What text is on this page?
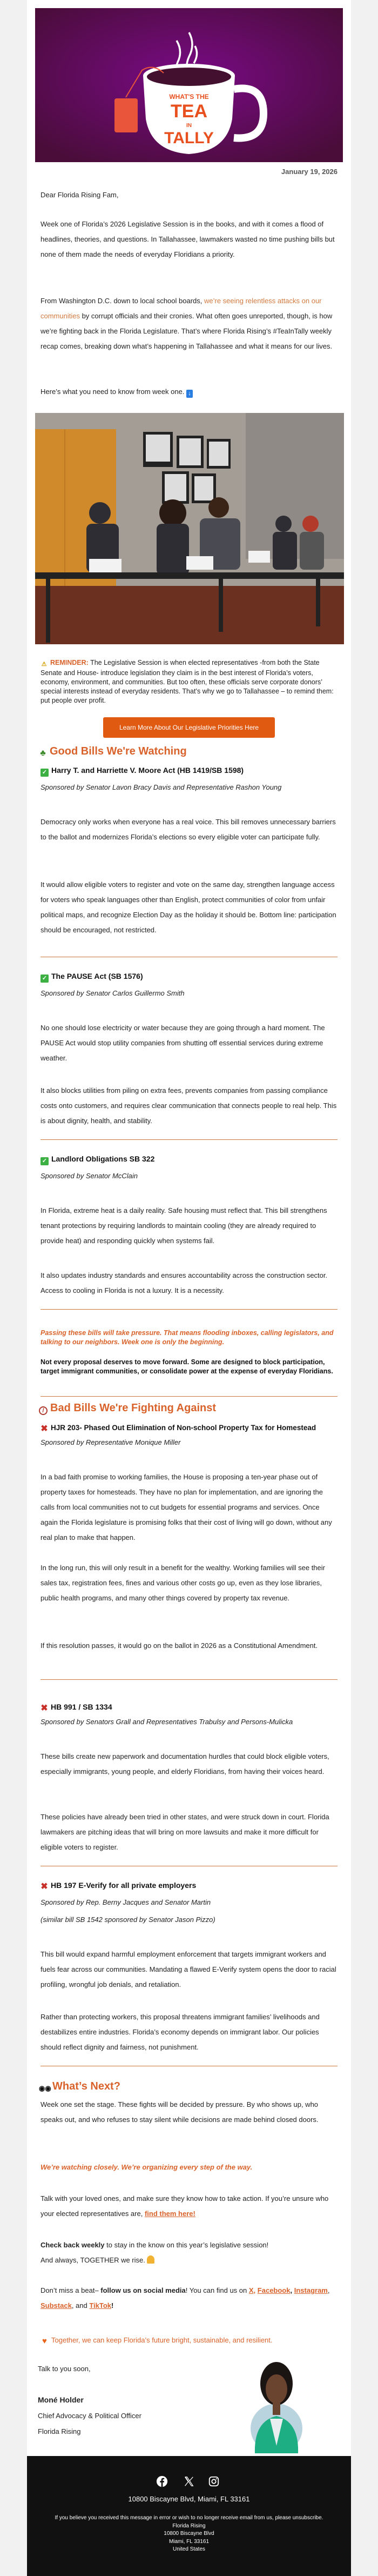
WHAT'S THE
TEA
IN
TALLY
January 19, 2026
Dear Florida Rising Fam,
Week one of Florida’s 2026 Legislative Session is in the books, and with it comes a flood of headlines, theories, and questions. In Tallahassee, lawmakers wasted no time pushing bills but none of them made the needs of everyday Floridians a priority.
From Washington D.C. down to local school boards, we’re seeing relentless attacks on our communities by corrupt officials and their cronies. What often goes unreported, though, is how we’re fighting back in the Florida Legislature. That’s where Florida Rising’s #TeaInTally weekly recap comes, breaking down what’s happening in Tallahassee and what it means for our lives.
Here’s what you need to know from week one. ↓
⚠ REMINDER: The Legislative Session is when elected representatives -from both the State Senate and House- introduce legislation they claim is in the best interest of Florida’s voters, economy, environment, and communities. But too often, these officials serve corporate donors’ special interests instead of everyday residents. That’s why we go to Tallahassee – to remind them: put people over profit.
Learn More About Our Legislative Priorities Here
♣ Good Bills We're Watching
✓ Harry T. and Harriette V. Moore Act (HB 1419/SB 1598)
Sponsored by Senator Lavon Bracy Davis and Representative Rashon Young
Democracy only works when everyone has a real voice. This bill removes unnecessary barriers to the ballot and modernizes Florida’s elections so every eligible voter can participate fully.
It would allow eligible voters to register and vote on the same day, strengthen language access for voters who speak languages other than English, protect communities of color from unfair political maps, and recognize Election Day as the holiday it should be. Bottom line: participation should be encouraged, not restricted.
✓ The PAUSE Act (SB 1576)
Sponsored by Senator Carlos Guillermo Smith
No one should lose electricity or water because they are going through a hard moment. The PAUSE Act would stop utility companies from shutting off essential services during extreme weather.
It also blocks utilities from piling on extra fees, prevents companies from passing compliance costs onto customers, and requires clear communication that connects people to real help. This is about dignity, health, and stability.
✓ Landlord Obligations SB 322
Sponsored by Senator McClain
In Florida, extreme heat is a daily reality. Safe housing must reflect that. This bill strengthens tenant protections by requiring landlords to maintain cooling (they are already required to provide heat) and responding quickly when systems fail.
It also updates industry standards and ensures accountability across the construction sector. Access to cooling in Florida is not a luxury. It is a necessity.
Passing these bills will take pressure. That means flooding inboxes, calling legislators, and talking to our neighbors. Week one is only the beginning.
Not every proposal deserves to move forward. Some are designed to block participation, target immigrant communities, or consolidate power at the expense of everyday Floridians.
/ Bad Bills We're Fighting Against
✖ HJR 203- Phased Out Elimination of Non-school Property Tax for Homestead
Sponsored by Representative Monique Miller
In a bad faith promise to working families, the House is proposing a ten-year phase out of property taxes for homesteads. They have no plan for implementation, and are ignoring the calls from local communities not to cut budgets for essential programs and services. Once again the Florida legislature is promising folks that their cost of living will go down, without any real plan to make that happen.
In the long run, this will only result in a benefit for the wealthy. Working families will see their sales tax, registration fees, fines and various other costs go up, even as they lose libraries, public health programs, and many other things covered by property tax revenue.
If this resolution passes, it would go on the ballot in 2026 as a Constitutional Amendment.
✖ HB 991 / SB 1334
Sponsored by Senators Grall and Representatives Trabulsy and Persons-Mulicka
These bills create new paperwork and documentation hurdles that could block eligible voters, especially immigrants, young people, and elderly Floridians, from having their voices heard.
These policies have already been tried in other states, and were struck down in court. Florida lawmakers are pitching ideas that will bring on more lawsuits and make it more difficult for eligible voters to register.
✖ HB 197 E-Verify for all private employers
Sponsored by Rep. Berny Jacques and Senator Martin
(similar bill SB 1542 sponsored by Senator Jason Pizzo)
This bill would expand harmful employment enforcement that targets immigrant workers and fuels fear across our communities. Mandating a flawed E-Verify system opens the door to racial profiling, wrongful job denials, and retaliation.
Rather than protecting workers, this proposal threatens immigrant families’ livelihoods and destabilizes entire industries. Florida’s economy depends on immigrant labor. Our policies should reflect dignity and fairness, not punishment.
◉◉ What’s Next?
Week one set the stage. These fights will be decided by pressure. By who shows up, who speaks out, and who refuses to stay silent while decisions are made behind closed doors.
We’re watching closely. We’re organizing every step of the way.
Talk with your loved ones, and make sure they know how to take action. If you’re unsure who your elected representatives are, find them here!
Check back weekly to stay in the know on this year’s legislative session!
And always, TOGETHER we rise.
Don’t miss a beat– follow us on social media! You can find us on X, Facebook, Instagram, Substack, and TikTok!
♥ Together, we can keep Florida’s future bright, sustainable, and resilient.
Talk to you soon,
Moné Holder
Chief Advocacy & Political Officer
Florida Rising
10800 Biscayne Blvd, Miami, FL 33161
If you believe you received this message in error or wish to no longer receive email from us, please unsubscribe.
Florida Rising
10800 Biscayne Blvd
Miami, FL 33161
United States
